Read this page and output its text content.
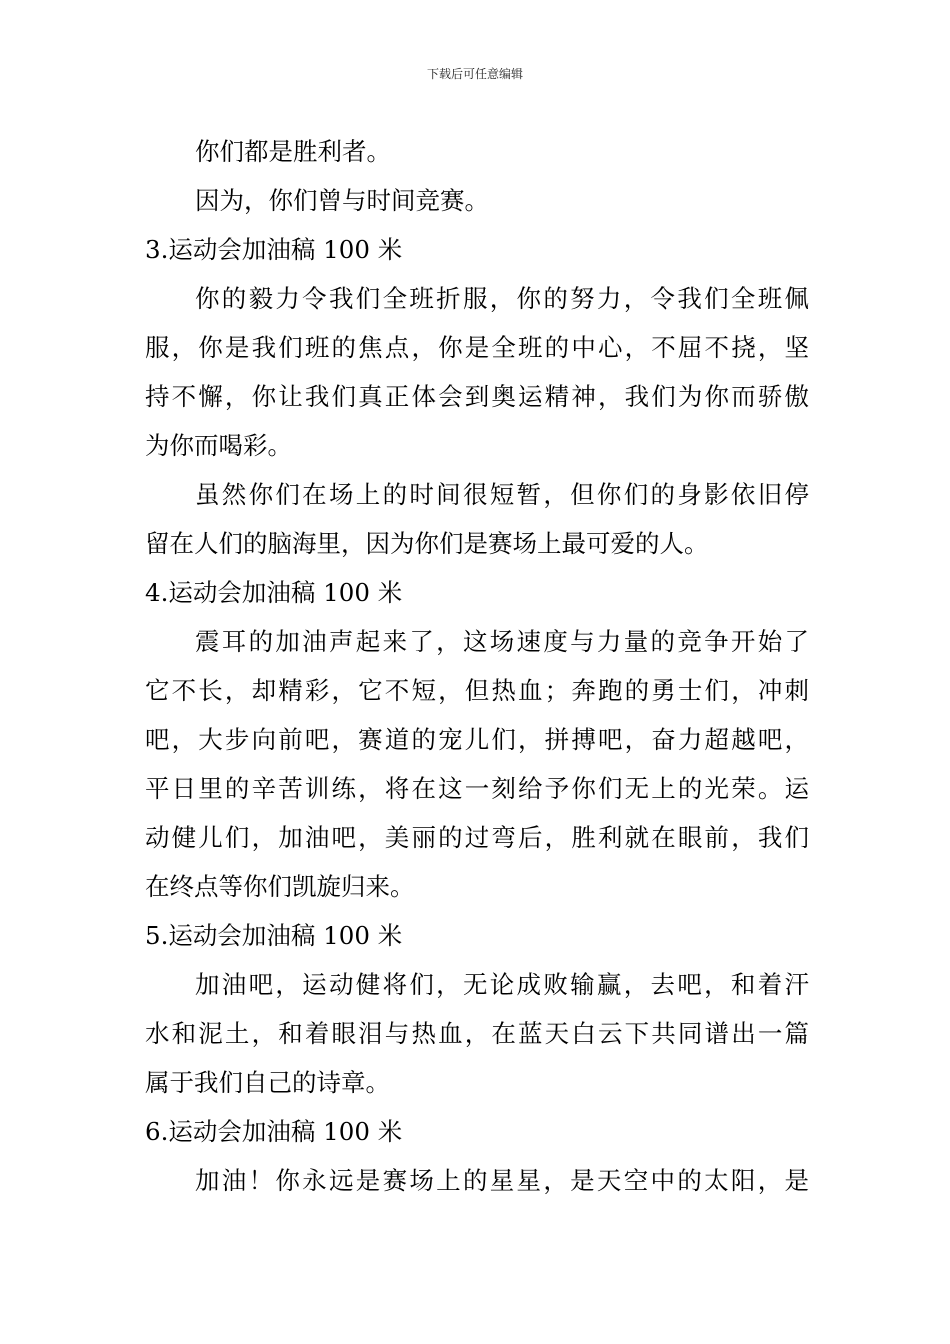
下载后可任意编辑
你们都是胜利者。
因为，你们曾与时间竞赛。
3.运动会加油稿 100 米
你的毅力令我们全班折服，你的努力，令我们全班佩
服，你是我们班的焦点，你是全班的中心，不屈不挠，坚
持不懈，你让我们真正体会到奥运精神，我们为你而骄傲
为你而喝彩。
虽然你们在场上的时间很短暂，但你们的身影依旧停
留在人们的脑海里，因为你们是赛场上最可爱的人。
4.运动会加油稿 100 米
震耳的加油声起来了，这场速度与力量的竞争开始了
它不长，却精彩，它不短，但热血；奔跑的勇士们，冲刺
吧，大步向前吧，赛道的宠儿们，拼搏吧，奋力超越吧，
平日里的辛苦训练，将在这一刻给予你们无上的光荣。运
动健儿们，加油吧，美丽的过弯后，胜利就在眼前，我们
在终点等你们凯旋归来。
5.运动会加油稿 100 米
加油吧，运动健将们，无论成败输赢，去吧，和着汗
水和泥土，和着眼泪与热血，在蓝天白云下共同谱出一篇
属于我们自己的诗章。
6.运动会加油稿 100 米
加油！你永远是赛场上的星星，是天空中的太阳，是
